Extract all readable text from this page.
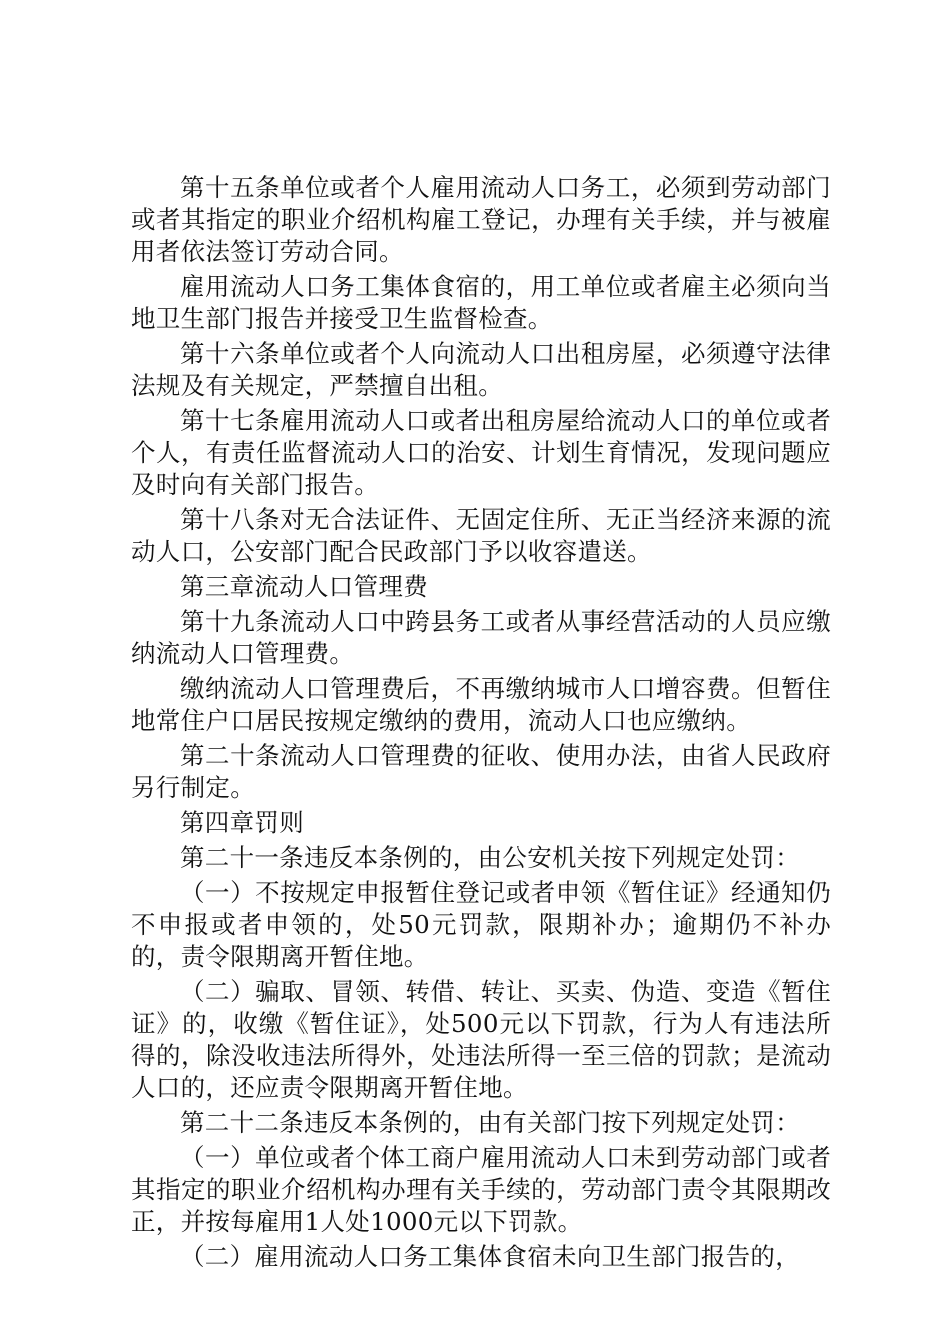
第十五条单位或者个人雇用流动人口务工，必须到劳动部门或者其指定的职业介绍机构雇工登记，办理有关手续，并与被雇用者依法签订劳动合同。

雇用流动人口务工集体食宿的，用工单位或者雇主必须向当地卫生部门报告并接受卫生监督检查。

第十六条单位或者个人向流动人口出租房屋，必须遵守法律法规及有关规定，严禁擅自出租。

第十七条雇用流动人口或者出租房屋给流动人口的单位或者个人，有责任监督流动人口的治安、计划生育情况，发现问题应及时向有关部门报告。

第十八条对无合法证件、无固定住所、无正当经济来源的流动人口，公安部门配合民政部门予以收容遣送。

第三章流动人口管理费

第十九条流动人口中跨县务工或者从事经营活动的人员应缴纳流动人口管理费。

缴纳流动人口管理费后，不再缴纳城市人口增容费。但暂住地常住户口居民按规定缴纳的费用，流动人口也应缴纳。

第二十条流动人口管理费的征收、使用办法，由省人民政府另行制定。

第四章罚则

第二十一条违反本条例的，由公安机关按下列规定处罚：

（一）不按规定申报暂住登记或者申领《暂住证》经通知仍不申报或者申领的，处50元罚款，限期补办；逾期仍不补办的，责令限期离开暂住地。

（二）骗取、冒领、转借、转让、买卖、伪造、变造《暂住证》的，收缴《暂住证》，处500元以下罚款，行为人有违法所得的，除没收违法所得外，处违法所得一至三倍的罚款；是流动人口的，还应责令限期离开暂住地。

第二十二条违反本条例的，由有关部门按下列规定处罚：

（一）单位或者个体工商户雇用流动人口未到劳动部门或者其指定的职业介绍机构办理有关手续的，劳动部门责令其限期改正，并按每雇用1人处1000元以下罚款。

（二）雇用流动人口务工集体食宿未向卫生部门报告的，
